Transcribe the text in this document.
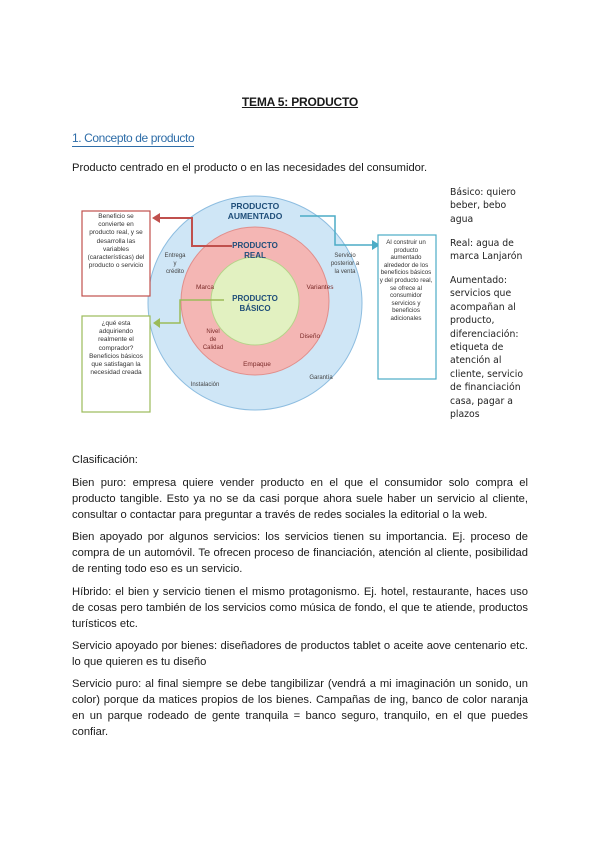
TEMA 5: PRODUCTO
1. Concepto de producto
Producto centrado en el producto o en las necesidades del consumidor.
PRODUCTO AUMENTADO
PRODUCTO REAL
PRODUCTO BÁSICO
Entrega y crédito
Servicio posterior a la venta
Instalación
Garantía
Marca	Variantes
Nivel de Calidad
Diseño
Empaque
Beneficio se convierte en producto real, y se desarrolla las variables (características) del producto o servicio
¿qué esta adquiriendo realmente el comprador? Beneficios básicos que satisfagan la necesidad creada
Al construir un producto aumentado alrededor de los beneficios básicos y del producto real, se ofrece al consumidor servicios y beneficios adicionales
Básico: quiero beber, bebo agua
Real: agua de marca Lanjarón
Aumentado: servicios que acompañan al producto, diferenciación: etiqueta de atención al cliente, servicio de financiación casa, pagar a plazos
Clasificación:
Bien puro: empresa quiere vender producto en el que el consumidor solo compra el producto tangible. Esto ya no se da casi porque ahora suele haber un servicio al cliente, consultar o contactar para preguntar a través de redes sociales la editorial o la web.
Bien apoyado por algunos servicios: los servicios tienen su importancia. Ej. proceso de compra de un automóvil. Te ofrecen proceso de financiación, atención al cliente, posibilidad de renting todo eso es un servicio.
Híbrido: el bien y servicio tienen el mismo protagonismo. Ej. hotel, restaurante, haces uso de cosas pero también de los servicios como música de fondo, el que te atiende, productos turísticos etc.
Servicio apoyado por bienes: diseñadores de productos tablet o aceite aove centenario etc. lo que quieren es tu diseño
Servicio puro: al final siempre se debe tangibilizar (vendrá a mi imaginación un sonido, un color) porque da matices propios de los bienes. Campañas de ing, banco de color naranja en un parque rodeado de gente tranquila = banco seguro, tranquilo, en el que puedes confiar.
